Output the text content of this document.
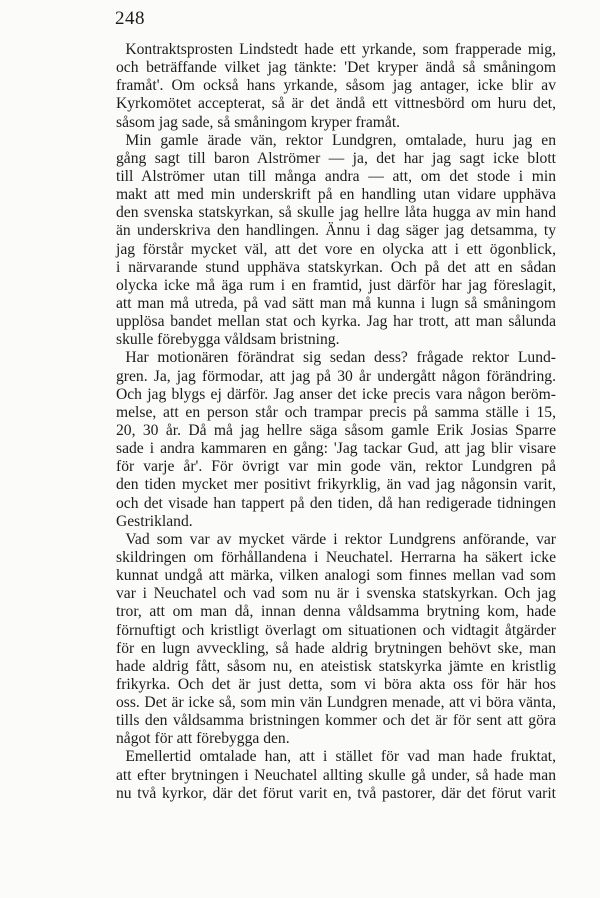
248
Kontraktsprosten Lindstedt hade ett yrkande, som frapperade mig,
och beträffande vilket jag tänkte: 'Det kryper ändå så småningom
framåt'. Om också hans yrkande, såsom jag antager, icke blir av
Kyrkomötet accepterat, så är det ändå ett vittnesbörd om huru det,
såsom jag sade, så småningom kryper framåt.
Min gamle ärade vän, rektor Lundgren, omtalade, huru jag en
gång sagt till baron Alströmer — ja, det har jag sagt icke blott
till Alströmer utan till många andra — att, om det stode i min
makt att med min underskrift på en handling utan vidare upphäva
den svenska statskyrkan, så skulle jag hellre låta hugga av min hand
än underskriva den handlingen. Ännu i dag säger jag detsamma, ty
jag förstår mycket väl, att det vore en olycka att i ett ögonblick,
i närvarande stund upphäva statskyrkan. Och på det att en sådan
olycka icke må äga rum i en framtid, just därför har jag föreslagit,
att man må utreda, på vad sätt man må kunna i lugn så småningom
upplösa bandet mellan stat och kyrka. Jag har trott, att man sålunda
skulle förebygga våldsam bristning.
Har motionären förändrat sig sedan dess? frågade rektor Lund-
gren. Ja, jag förmodar, att jag på 30 år undergått någon förändring.
Och jag blygs ej därför. Jag anser det icke precis vara någon beröm-
melse, att en person står och trampar precis på samma ställe i 15,
20, 30 år. Då må jag hellre säga såsom gamle Erik Josias Sparre
sade i andra kammaren en gång: 'Jag tackar Gud, att jag blir visare
för varje år'. För övrigt var min gode vän, rektor Lundgren på
den tiden mycket mer positivt frikyrklig, än vad jag någonsin varit,
och det visade han tappert på den tiden, då han redigerade tidningen
Gestrikland.
Vad som var av mycket värde i rektor Lundgrens anförande, var
skildringen om förhållandena i Neuchatel. Herrarna ha säkert icke
kunnat undgå att märka, vilken analogi som finnes mellan vad som
var i Neuchatel och vad som nu är i svenska statskyrkan. Och jag
tror, att om man då, innan denna våldsamma brytning kom, hade
förnuftigt och kristligt överlagt om situationen och vidtagit åtgärder
för en lugn avveckling, så hade aldrig brytningen behövt ske, man
hade aldrig fått, såsom nu, en ateistisk statskyrka jämte en kristlig
frikyrka. Och det är just detta, som vi böra akta oss för här hos
oss. Det är icke så, som min vän Lundgren menade, att vi böra vänta,
tills den våldsamma bristningen kommer och det är för sent att göra
något för att förebygga den.
Emellertid omtalade han, att i stället för vad man hade fruktat,
att efter brytningen i Neuchatel allting skulle gå under, så hade man
nu två kyrkor, där det förut varit en, två pastorer, där det förut varit
